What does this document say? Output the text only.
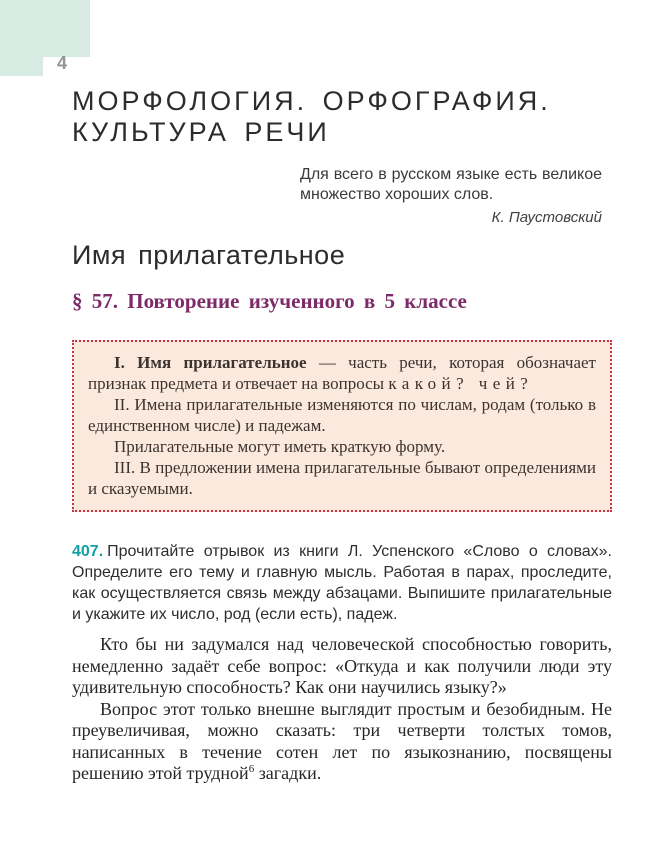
4
МОРФОЛОГИЯ. ОРФОГРАФИЯ.
КУЛЬТУРА РЕЧИ
Для всего в русском языке есть великое множество хороших слов.
К. Паустовский
Имя прилагательное
§ 57. Повторение изученного в 5 классе

I. Имя прилагательное — часть речи, которая обозначает признак предмета и отвечает на вопросы какой? чей?

II. Имена прилагательные изменяются по числам, родам (только в единственном числе) и падежам.

Прилагательные могут иметь краткую форму.

III. В предложении имена прилагательные бывают определениями и сказуемыми.

407. Прочитайте отрывок из книги Л. Успенского «Слово о словах». Определите его тему и главную мысль. Работая в парах, проследите, как осуществляется связь между абзацами. Выпишите прилагательные и укажите их число, род (если есть), падеж.

Кто бы ни задумался над человеческой способностью говорить, немедленно задаёт себе вопрос: «Откуда и как получили люди эту удивительную способность? Как они научились языку?»

Вопрос этот только внешне выглядит простым и безобидным. Не преувеличивая, можно сказать: три четверти толстых томов, написанных в течение сотен лет по языкознанию, посвящены решению этой трудной$^6$ загадки.
